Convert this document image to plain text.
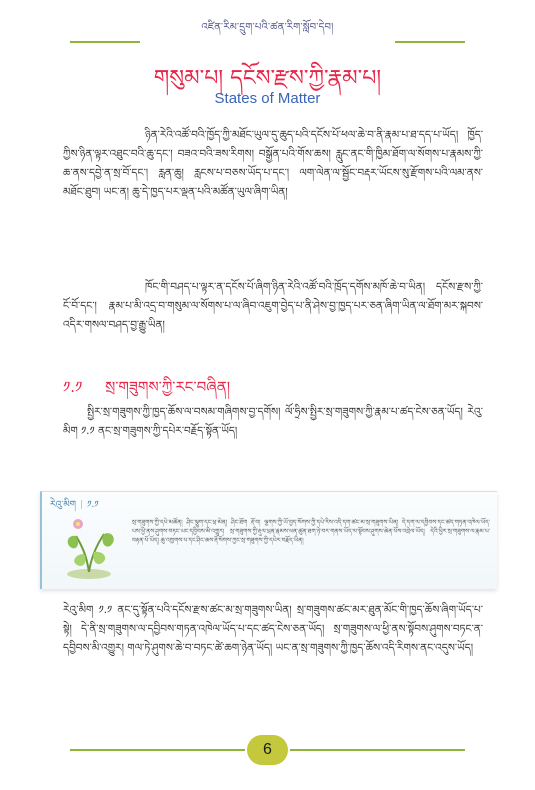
འཛིན་རིམ་དྲུག་པའི་ཚན་རིག་སློབ་དེབ།
གསུམ་པ། དངོས་རྫས་ཀྱི་རྣམ་པ།
States of Matter

ཉིན་རེའི་འཚོ་བའི་ཁྱོད་ཀྱི་མཐོང་ཡུལ་དུ་ཆུད་པའི་དངོས་པོ་ཕལ་ཆེ་བ་ནི་རྣམ་པ་ཐ་དད་པ་ཡོད། ཁྱོད་ཀྱིས་ཉིན་ལྟར་འཐུང་བའི་ཆུ་དང་། བཟའ་བའི་ཟས་རིགས། བསྒྱོན་པའི་གོས་ཆས། རླུང་ནང་གི་ཁྱིམ་ཐོག་ལ་སོགས་པ་རྣམས་ཀྱི་ཆ་ནས་དབྱེ་ན་སྲ་བོ་དང་། རླན་ཆུ། རླངས་པ་བཅས་ཡོད་པ་དང་། ལག་ལེན་ལ་སྦྱོང་བརྡར་ཡོངས་སུ་རྫོགས་པའི་ལམ་ནས་མཐོང་ཐུབ། ཡང་ན། ཆུ་དེ་ཁྱད་པར་ལྡན་པའི་མཚོན་ཡུལ་ཞིག་ཡིན།

ཁོང་གི་བཤད་པ་ལྟར་ན་དངོས་པོ་ཞིག་ཉིན་རེའི་འཚོ་བའི་ཁྲོད་དགོས་མཁོ་ཆེ་བ་ཡིན། དངོས་རྫས་ཀྱི་ངོ་བོ་དང་། རྣམ་པ་མི་འདྲ་བ་གསུམ་ལ་སོགས་པ་ལ་ཞིབ་འཇུག་བྱེད་པ་ནི་ཤེས་བྱ་ཁྱད་པར་ཅན་ཞིག་ཡིན་ལ་ཐོག་མར་སྐབས་འདིར་གསལ་བཤད་བྱ་རྒྱུ་ཡིན།

༡.༡ སྲ་གཟུགས་ཀྱི་རང་བཞིན།

སྤྱིར་སྲ་གཟུགས་ཀྱི་ཁྱད་ཆོས་ལ་བསམ་གཞིགས་བྱ་དགོས། ལོ་ཧྲིས་སྤྱིར་སྲ་གཟུགས་ཀྱི་རྣམ་པ་ཚད་ངེས་ཅན་ཡོད། རེའུ་མིག ༡.༡ ནང་སྲ་གཟུགས་ཀྱི་དཔེར་བརྗོད་སྟོན་ཡོད།

རེའུ་མིག | ༡.༡
སྲ་གཟུགས་ཀྱི་དཔེ་མཚོན། ཤིང་ལྕུག་དང་ཕྲ་མེན། ཤིང་ཐོག རྡོ་བ། ལྕགས་ཀྱི་ཡོ་བྱད་སོགས་ཀྱི་དཔེ་རིས་འདི་དག་ཚང་མ་སྲ་གཟུགས་ཡིན། དེ་དག་ལ་དབྱིབས་དང་ཚད་གཏན་འཁེལ་ཡོད་པས་ཕྱི་ནས་ཤུགས་བཏང་ཡང་དབྱིབས་མི་འགྱུར། སྲ་གཟུགས་ཀྱི་རྡུལ་ཕྲན་རྣམས་ཕན་ཚུན་ཐག་ཉེ་བར་གནས་ཡོད་ལ་སྟོབས་ཤུགས་ཆེན་པོས་འབྲེལ་ཡོད། དེའི་ཕྱིར་སྲ་གཟུགས་ལ་རྣམ་པ་བརྟན་པོ་ཡོད། ཆུ་འཁྱགས་པ་དང་ཤིང་ཆས་རྡོ་སོགས་ཀྱང་སྲ་གཟུགས་ཀྱི་དཔེར་བརྗོད་ཡིན།

རེའུ་མིག ༡.༡ ནང་དུ་སྟོན་པའི་དངོས་རྫས་ཚང་མ་སྲ་གཟུགས་ཡིན། སྲ་གཟུགས་ཚང་མར་ཐུན་མོང་གི་ཁྱད་ཆོས་ཞིག་ཡོད་པ་སྟེ། དེ་ནི་སྲ་གཟུགས་ལ་དབྱིབས་གཏན་འཁེལ་ཡོད་པ་དང་ཚད་ངེས་ཅན་ཡོད། སྲ་གཟུགས་ལ་ཕྱི་ནས་སྟོབས་ཤུགས་བཏང་ན་དབྱིབས་མི་འགྱུར། གལ་ཏེ་ཤུགས་ཆེ་བ་བཏང་ཚེ་ཆག་ཉེན་ཡོད། ཡང་ན་སྲ་གཟུགས་ཀྱི་ཁྱད་ཆོས་འདི་རིགས་ནང་འདུས་ཡོད།

6
